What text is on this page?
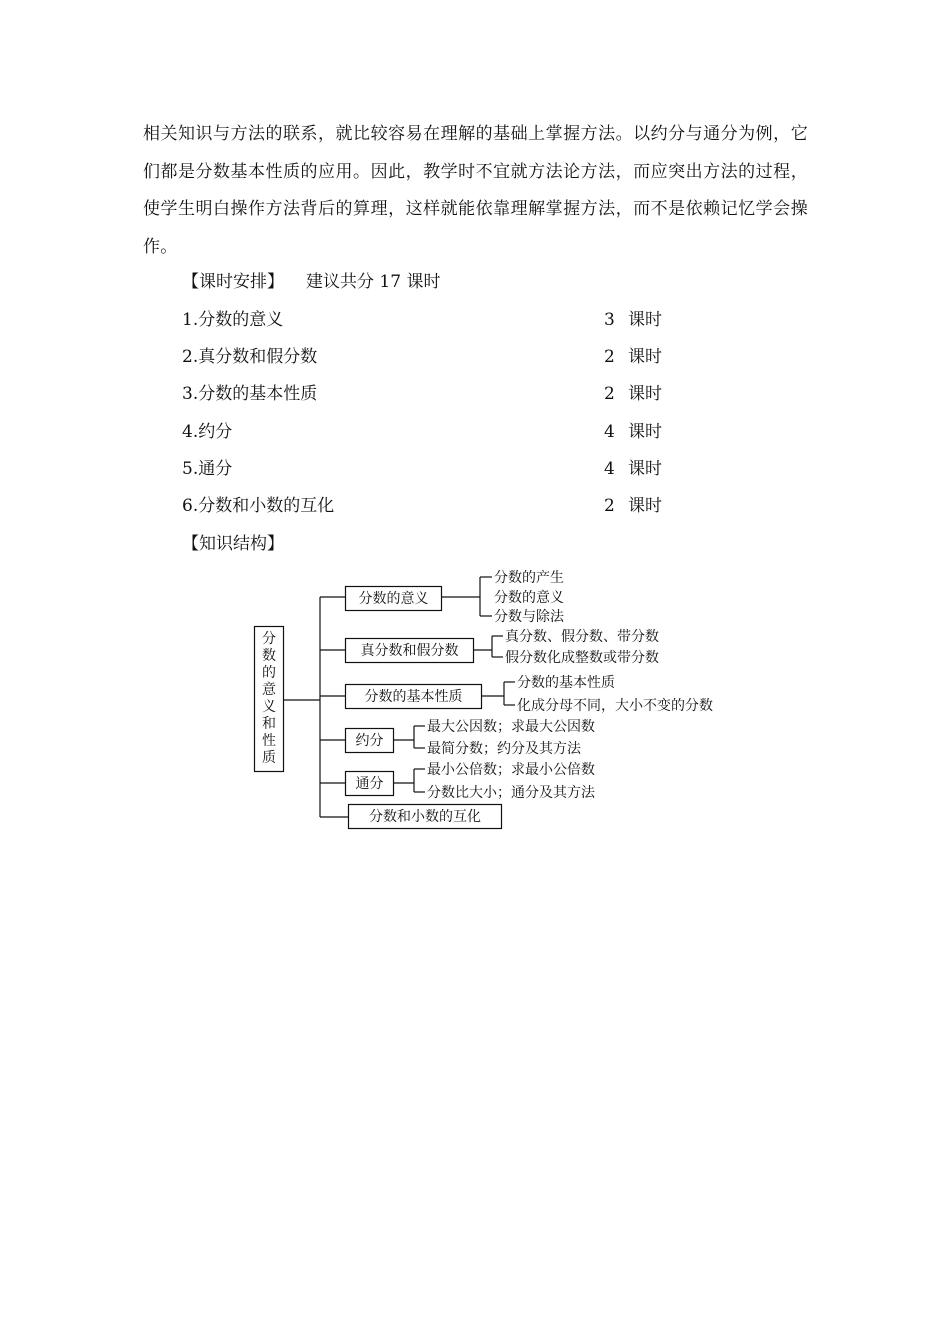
相关知识与方法的联系，就比较容易在理解的基础上掌握方法。以约分与通分为例，它们都是分数基本性质的应用。因此，教学时不宜就方法论方法，而应突出方法的过程，使学生明白操作方法背后的算理，这样就能依靠理解掌握方法，而不是依赖记忆学会操作。

【课时安排】 建议共分 17 课时
1.分数的意义	3 课时
2.真分数和假分数	2 课时
3.分数的基本性质	2 课时
4.约分	4 课时
5.通分	4 课时
6.分数和小数的互化	2 课时
【知识结构】
分
数
的
意
义
和
性
质
分数的意义
真分数和假分数
分数的基本性质
约分
通分
分数和小数的互化
分数的产生
分数的意义
分数与除法
真分数、假分数、带分数
假分数化成整数或带分数
分数的基本性质
化成分母不同，大小不变的分数
最大公因数；求最大公因数
最简分数；约分及其方法
最小公倍数；求最小公倍数
分数比大小；通分及其方法
